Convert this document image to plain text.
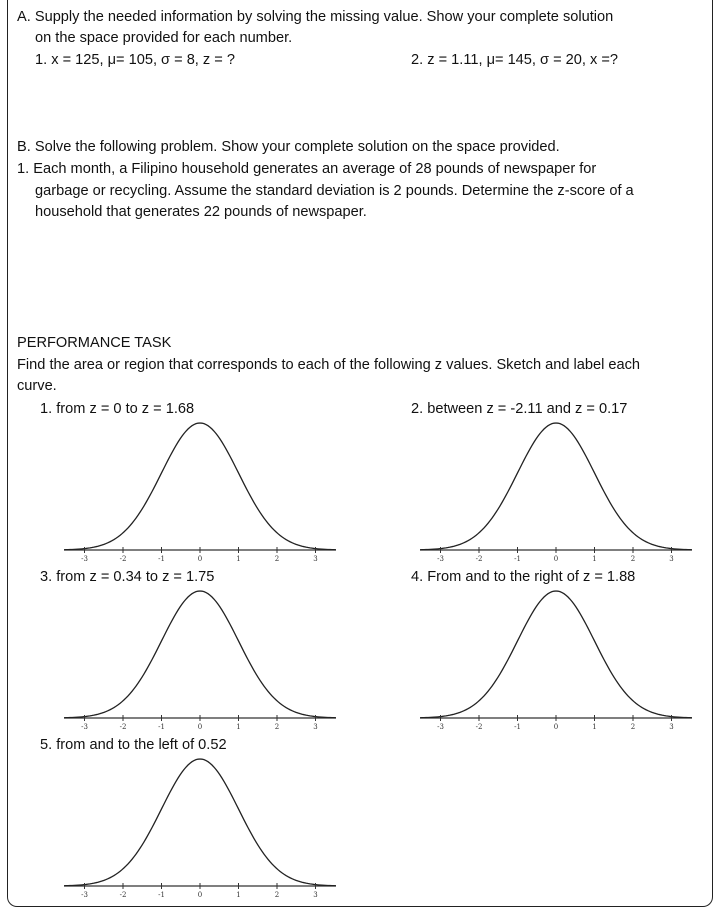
A. Supply the needed information by solving the missing value. Show your complete solution
on the space provided for each number.
1. x = 125, μ= 105, σ = 8, z = ?	2. z = 1.11, μ= 145, σ = 20, x =?
B. Solve the following problem. Show your complete solution on the space provided.
1. Each month, a Filipino household generates an average of 28 pounds of newspaper for
garbage or recycling. Assume the standard deviation is 2 pounds. Determine the z-score of a
household that generates 22 pounds of newspaper.
PERFORMANCE TASK
Find the area or region that corresponds to each of the following z values. Sketch and label each
curve.
1. from z = 0 to z = 1.68	2. between z = -2.11 and z = 0.17
-3	-2	-1	0	1	2	3	-3	-2	-1	0	1	2	3
3. from z = 0.34 to z = 1.75	4. From and to the right of z = 1.88
-3	-2	-1	0	1	2	3	-3	-2	-1	0	1	2	3
5. from and to the left of 0.52
-3	-2	-1	0	1	2	3
